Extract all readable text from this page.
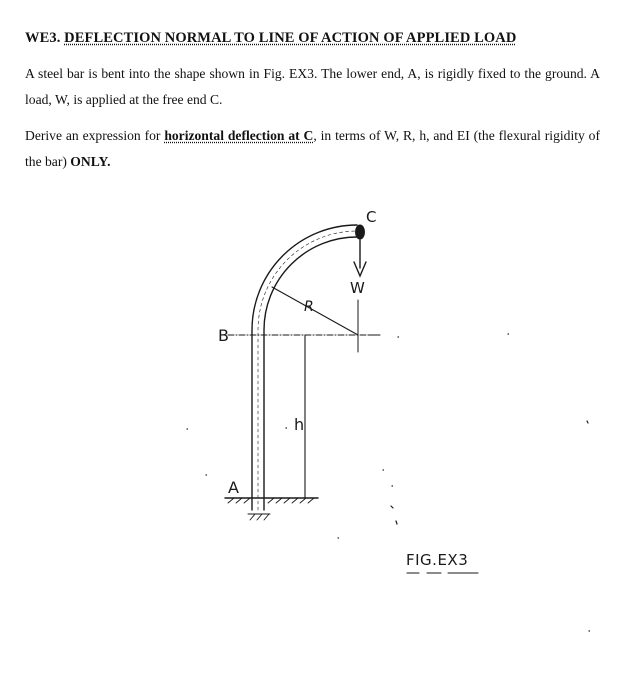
WE3. DEFLECTION NORMAL TO LINE OF ACTION OF APPLIED LOAD
A steel bar is bent into the shape shown in Fig. EX3. The lower end, A, is rigidly fixed to the ground. A load, W, is applied at the free end C.
Derive an expression for horizontal deflection at C, in terms of W, R, h, and EI (the flexural rigidity of the bar) ONLY.
C
W
R
B
h
A
FIG.EX3
